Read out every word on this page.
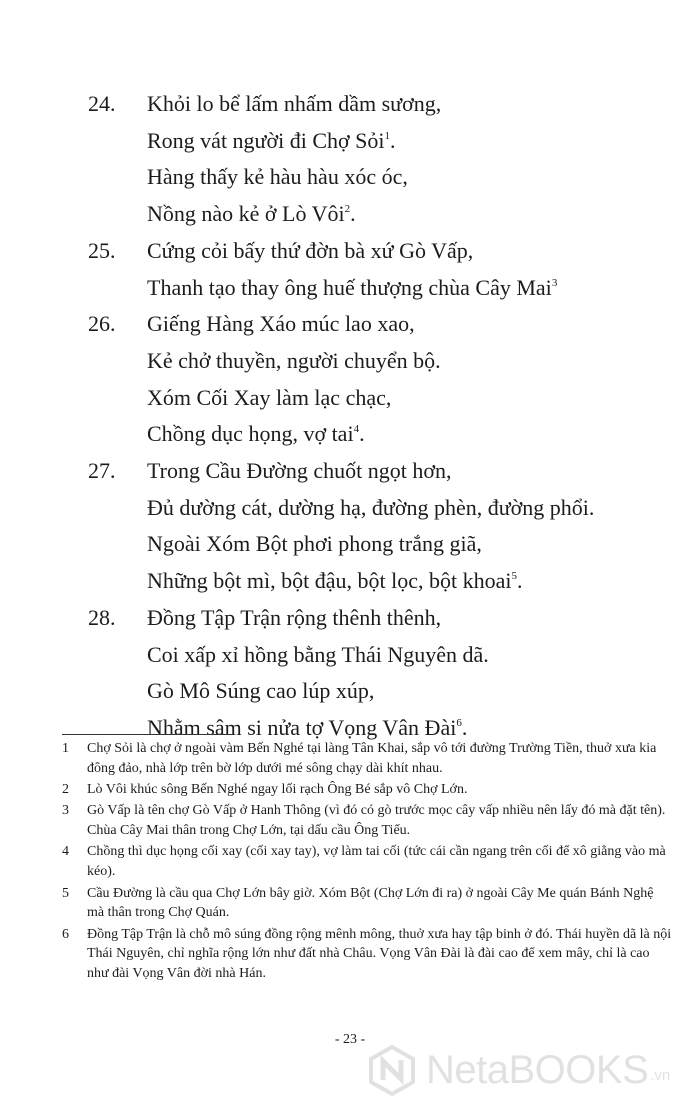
24.	Khỏi lo bể lấm nhấm dầm sương,
Rong vát người đi Chợ Sỏi$^1$.
Hàng thấy kẻ hàu hàu xóc óc,
Nồng nào kẻ ở Lò Vôi$^2$.
25.	Cứng cỏi bấy thứ đờn bà xứ Gò Vấp,
Thanh tạo thay ông huế thượng chùa Cây Mai$^3$
26.	Giếng Hàng Xáo múc lao xao,
Kẻ chở thuyền, người chuyển bộ.
Xóm Cối Xay làm lạc chạc,
Chồng dục họng, vợ tai$^4$.
27.	Trong Cầu Đường chuốt ngọt hơn,
Đủ dường cát, dường hạ, đường phèn, đường phổi.
Ngoài Xóm Bột phơi phong trắng giã,
Những bột mì, bột đậu, bột lọc, bột khoai$^5$.
28.	Đồng Tập Trận rộng thênh thênh,
Coi xấp xỉ hồng bằng Thái Nguyên dã.
Gò Mô Súng cao lúp xúp,
Nhằm sâm si nửa tợ Vọng Vân Đài$^6$.
1	Chợ Sỏi là chợ ở ngoài vàm Bến Nghé tại làng Tân Khai, sắp vô tới đường Trường Tiền, thuở xưa kia đông đảo, nhà lớp trên bờ lớp dưới mé sông chạy dài khít nhau.
2	Lò Vôi khúc sông Bến Nghé ngay lối rạch Ông Bé sắp vô Chợ Lớn.
3	Gò Vấp là tên chợ Gò Vấp ở Hanh Thông (vì đó có gò trước mọc cây vấp nhiều nên lấy đó mà đặt tên). Chùa Cây Mai thân trong Chợ Lớn, tại dấu cầu Ông Tiểu.
4	Chồng thì dục họng cối xay (cối xay tay), vợ làm tai cối (tức cái cần ngang trên cối để xô giằng vào mà kéo).
5	Cầu Đường là cầu qua Chợ Lớn bây giờ. Xóm Bột (Chợ Lớn đi ra) ở ngoài Cây Me quán Bánh Nghệ mà thân trong Chợ Quán.
6	Đồng Tập Trận là chỗ mô súng đồng rộng mênh mông, thuở xưa hay tập binh ở đó. Thái huyền dã là nội Thái Nguyên, chỉ nghĩa rộng lớn như đất nhà Châu. Vọng Vân Đài là đài cao để xem mây, chỉ là cao như đài Vọng Vân đời nhà Hán.
- 23 -
NetaBOOKS .vn
